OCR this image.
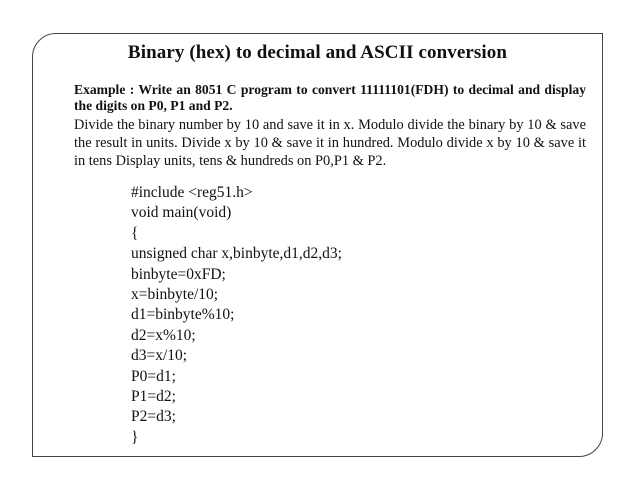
Binary (hex) to decimal and ASCII conversion

Example : Write an 8051 C program to convert 11111101(FDH) to decimal and display the digits on P0, P1 and P2.

Divide the binary number by 10 and save it in x. Modulo divide the binary by 10 & save the result in units. Divide x by 10 & save it in hundred. Modulo divide x by 10 & save it in tens Display units, tens & hundreds on P0,P1 & P2.

#include <reg51.h>
void main(void)
{
unsigned char x,binbyte,d1,d2,d3;
binbyte=0xFD;
x=binbyte/10;
d1=binbyte%10;
d2=x%10;
d3=x/10;
P0=d1;
P1=d2;
P2=d3;
}
